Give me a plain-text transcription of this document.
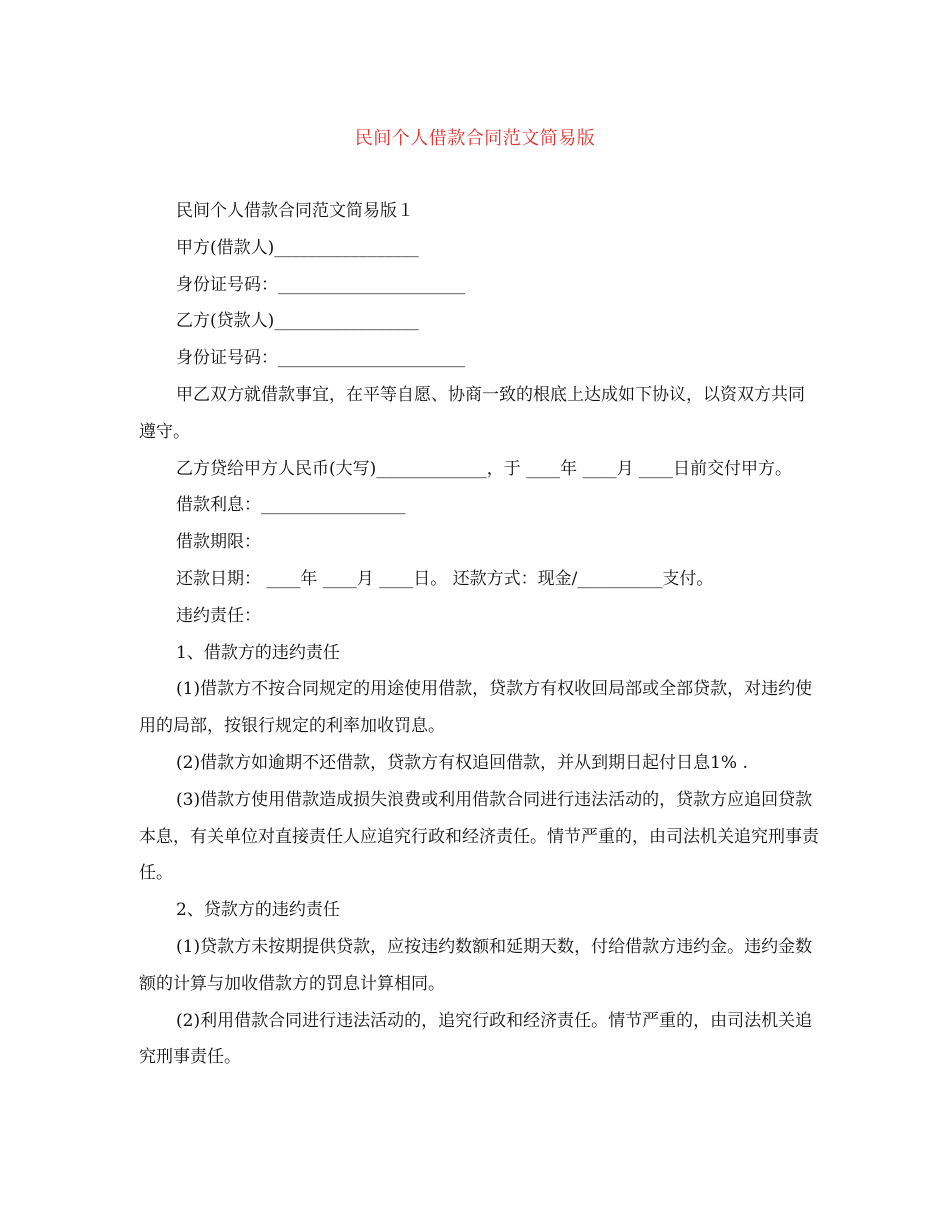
民间个人借款合同范文简易版

民间个人借款合同范文简易版１

甲方(借款人)_________________

身份证号码：______________________

乙方(贷款人)_________________

身份证号码：______________________

甲乙双方就借款事宜，在平等自愿、协商一致的根底上达成如下协议，以资双方共同遵守。

乙方贷给甲方人民币(大写)_____________，于 ____年 ____月 ____日前交付甲方。

借款利息：_________________

借款期限：

还款日期： ____年 ____月 ____日。 还款方式：现金/__________支付。

违约责任：

1、借款方的违约责任

(1)借款方不按合同规定的用途使用借款，贷款方有权收回局部或全部贷款，对违约使用的局部，按银行规定的利率加收罚息。

(2)借款方如逾期不还借款，贷款方有权追回借款，并从到期日起付日息1% .

(3)借款方使用借款造成损失浪费或利用借款合同进行违法活动的，贷款方应追回贷款本息，有关单位对直接责任人应追究行政和经济责任。情节严重的，由司法机关追究刑事责任。

2、贷款方的违约责任

(1)贷款方未按期提供贷款，应按违约数额和延期天数，付给借款方违约金。违约金数额的计算与加收借款方的罚息计算相同。

(2)利用借款合同进行违法活动的，追究行政和经济责任。情节严重的，由司法机关追究刑事责任。
